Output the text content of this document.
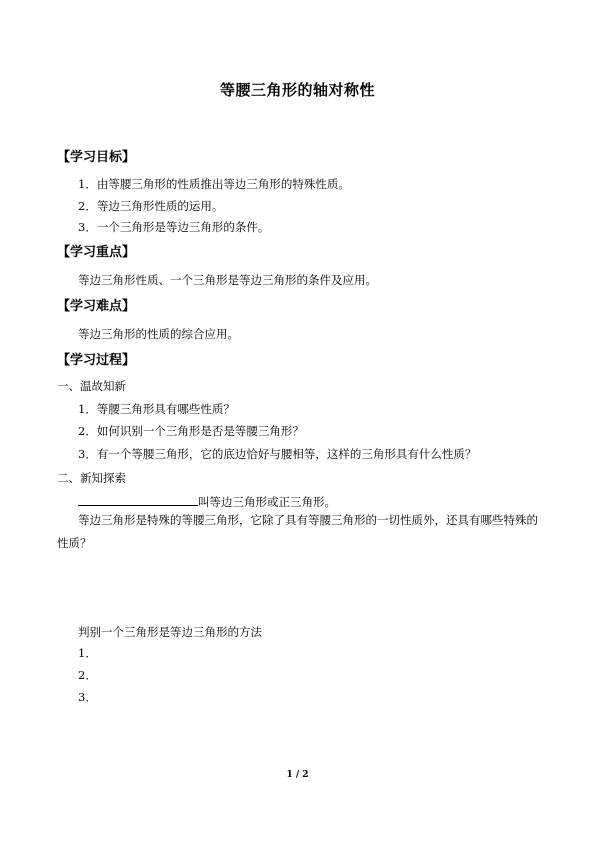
等腰三角形的轴对称性
【学习目标】
1．由等腰三角形的性质推出等边三角形的特殊性质。
2．等边三角形性质的运用。
3．一个三角形是等边三角形的条件。
【学习重点】
等边三角形性质、一个三角形是等边三角形的条件及应用。
【学习难点】
等边三角形的性质的综合应用。
【学习过程】
一、温故知新
1．等腰三角形具有哪些性质？
2．如何识别一个三角形是否是等腰三角形？
3．有一个等腰三角形，它的底边恰好与腰相等，这样的三角形具有什么性质？
二、新知探索
叫等边三角形或正三角形。
等边三角形是特殊的等腰三角形，它除了具有等腰三角形的一切性质外，还具有哪些特殊的性质？
判别一个三角形是等边三角形的方法
1．
2．
3．
1 / 2
